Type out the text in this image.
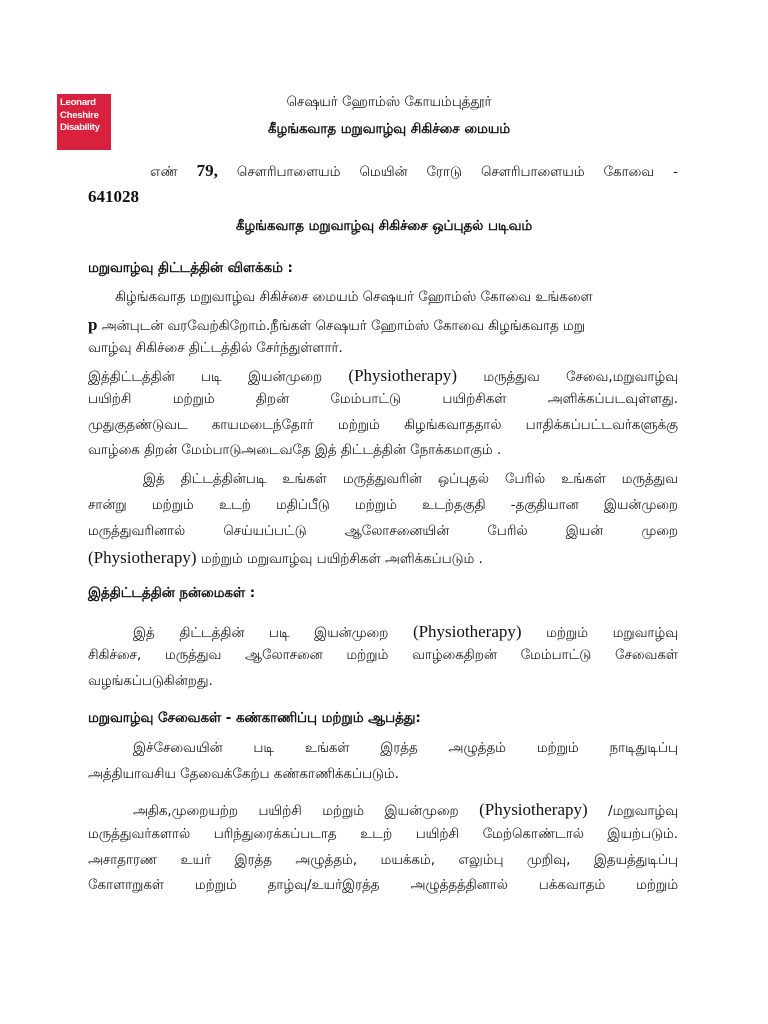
Leonard
Cheshire
Disability
செஷயர் ஹோம்ஸ் கோயம்புத்தூர்
கீழங்கவாத மறுவாழ்வு சிகிச்சை மையம்
எண் 79, சௌரிபாளையம் மெயின் ரோடு சௌரிபாளையம் கோவை -
641028
கீழங்கவாத மறுவாழ்வு சிகிச்சை ஒப்புதல் படிவம்
மறுவாழ்வு திட்டத்தின் விளக்கம் :
கிழ்ங்கவாத மறுவாழ்வ சிகிச்சை மையம் செஷயர் ஹோம்ஸ் கோவை உங்களை
p அன்புடன் வரவேற்கிறோம்.நீங்கள் செஷயர் ஹோம்ஸ் கோவை கிழங்கவாத மறு
வாழ்வு சிகிச்சை திட்டத்தில் சேர்ந்துள்ளார்.
இத்திட்டத்தின் படி இயன்முறை (Physiotherapy) மருத்துவ சேவை,மறுவாழ்வு
பயிற்சி மற்றும் திறன் மேம்பாட்டு பயிற்சிகள் அளிக்கப்படவுள்ளது.
முதுகுதண்டுவட காயமடைந்தோர் மற்றும் கிழங்கவாததால் பாதிக்கப்பட்டவர்களுக்கு
வாழ்கை திறன் மேம்பாடுஅடைவதே இத் திட்டத்தின் நோக்கமாகும் .
இத் திட்டத்தின்படி உங்கள் மருத்துவரின் ஒப்புதல் பேரில் உங்கள் மருத்துவ
சான்று மற்றும் உடற் மதிப்பீடு மற்றும் உடற்தகுதி -தகுதியான இயன்முறை
மருத்துவரினால் செய்யப்பட்டு ஆலோசனையின் பேரில் இயன் முறை
(Physiotherapy) மற்றும் மறுவாழ்வு பயிற்சிகள் அளிக்கப்படும் .
இத்திட்டத்தின் நன்மைகள் :
இத் திட்டத்தின் படி இயன்முறை (Physiotherapy) மற்றும் மறுவாழ்வு
சிகிச்சை, மருத்துவ ஆலோசனை மற்றும் வாழ்கைதிறன் மேம்பாட்டு சேவைகள்
வழங்கப்படுகின்றது.
மறுவாழ்வு சேவைகள் - கண்காணிப்பு மற்றும் ஆபத்து:
இச்சேவையின் படி உங்கள் இரத்த அழுத்தம் மற்றும் நாடிதுடிப்பு
அத்தியாவசிய தேவைக்கேற்ப கண்காணிக்கப்படும்.
அதிக,முறையற்ற பயிற்சி மற்றும் இயன்முறை (Physiotherapy) /மறுவாழ்வு
மருத்துவர்களால் பரிந்துரைக்கப்படாத உடற் பயிற்சி மேற்கொண்டால் இயற்படும்.
அசாதாரண உயர் இரத்த அழுத்தம், மயக்கம், எலும்பு முறிவு, இதயத்துடிப்பு
கோளாறுகள் மற்றும் தாழ்வு/உயர்இரத்த அழுத்தத்தினால் பக்கவாதம் மற்றும்
